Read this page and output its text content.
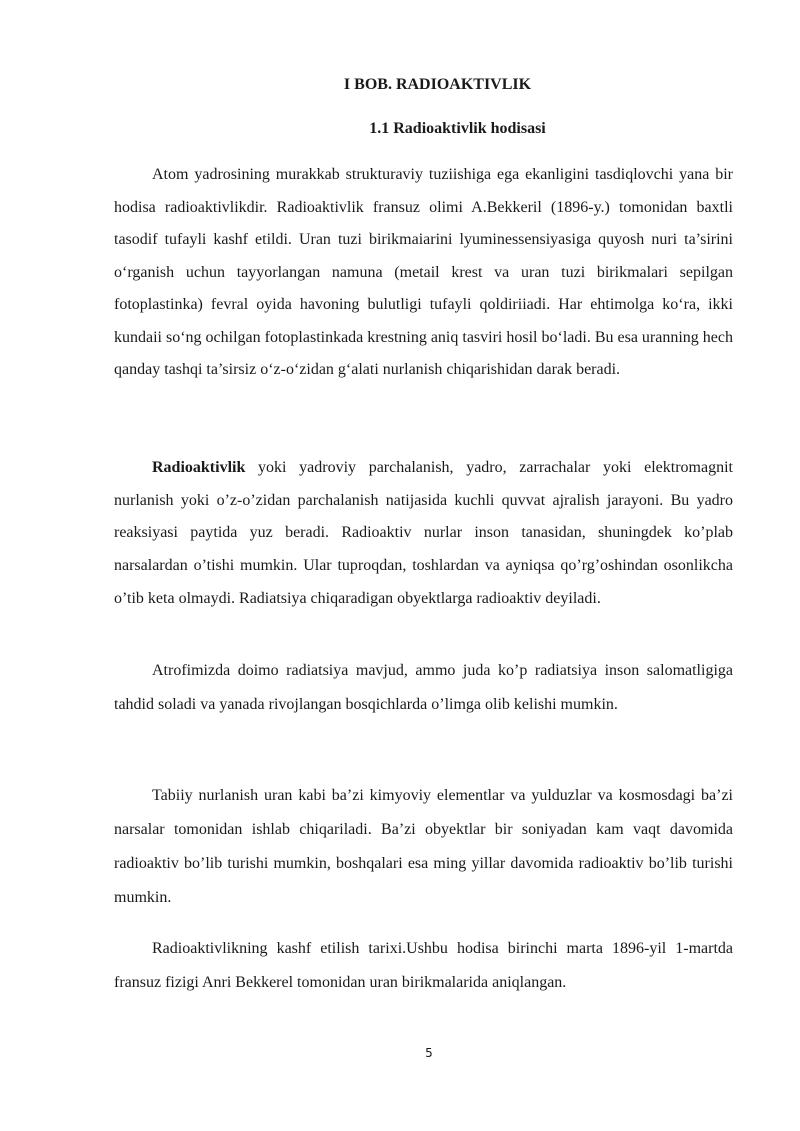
I BOB. RADIOAKTIVLIK
1.1 Radioaktivlik hodisasi

Atom yadrosining murakkab strukturaviy tuziishiga ega ekanligini tasdiqlovchi yana bir hodisa radioaktivlikdir. Radioaktivlik fransuz olimi A.Bekkeril (1896-y.) tomonidan baxtli tasodif tufayli kashf etildi. Uran tuzi birikmaiarini lyuminessensiyasiga quyosh nuri ta’sirini o‘rganish uchun tayyorlangan namuna (metail krest va uran tuzi birikmalari sepilgan fotoplastinka) fevral oyida havoning bulutligi tufayli qoldiriiadi. Har ehtimolga ko‘ra, ikki kundaii so‘ng ochilgan fotoplastinkada krestning aniq tasviri hosil bo‘ladi. Bu esa uranning hech qanday tashqi ta’sirsiz o‘z-o‘zidan g‘alati nurlanish chiqarishidan darak beradi.

Radioaktivlik yoki yadroviy parchalanish, yadro, zarrachalar yoki elektromagnit nurlanish yoki o’z-o’zidan parchalanish natijasida kuchli quvvat ajralish jarayoni. Bu yadro reaksiyasi paytida yuz beradi. Radioaktiv nurlar inson tanasidan, shuningdek ko’plab narsalardan o’tishi mumkin. Ular tuproqdan, toshlardan va ayniqsa qo’rg’oshindan osonlikcha o’tib keta olmaydi. Radiatsiya chiqaradigan obyektlarga radioaktiv deyiladi.

Atrofimizda doimo radiatsiya mavjud, ammo juda ko’p radiatsiya inson salomatligiga tahdid soladi va yanada rivojlangan bosqichlarda o’limga olib kelishi mumkin.

Tabiiy nurlanish uran kabi ba’zi kimyoviy elementlar va yulduzlar va kosmosdagi ba’zi narsalar tomonidan ishlab chiqariladi. Ba’zi obyektlar bir soniyadan kam vaqt davomida radioaktiv bo’lib turishi mumkin, boshqalari esa ming yillar davomida radioaktiv bo’lib turishi mumkin.

Radioaktivlikning kashf etilish tarixi.Ushbu hodisa birinchi marta 1896-yil 1-martda fransuz fizigi Anri Bekkerel tomonidan uran birikmalarida aniqlangan.

5
